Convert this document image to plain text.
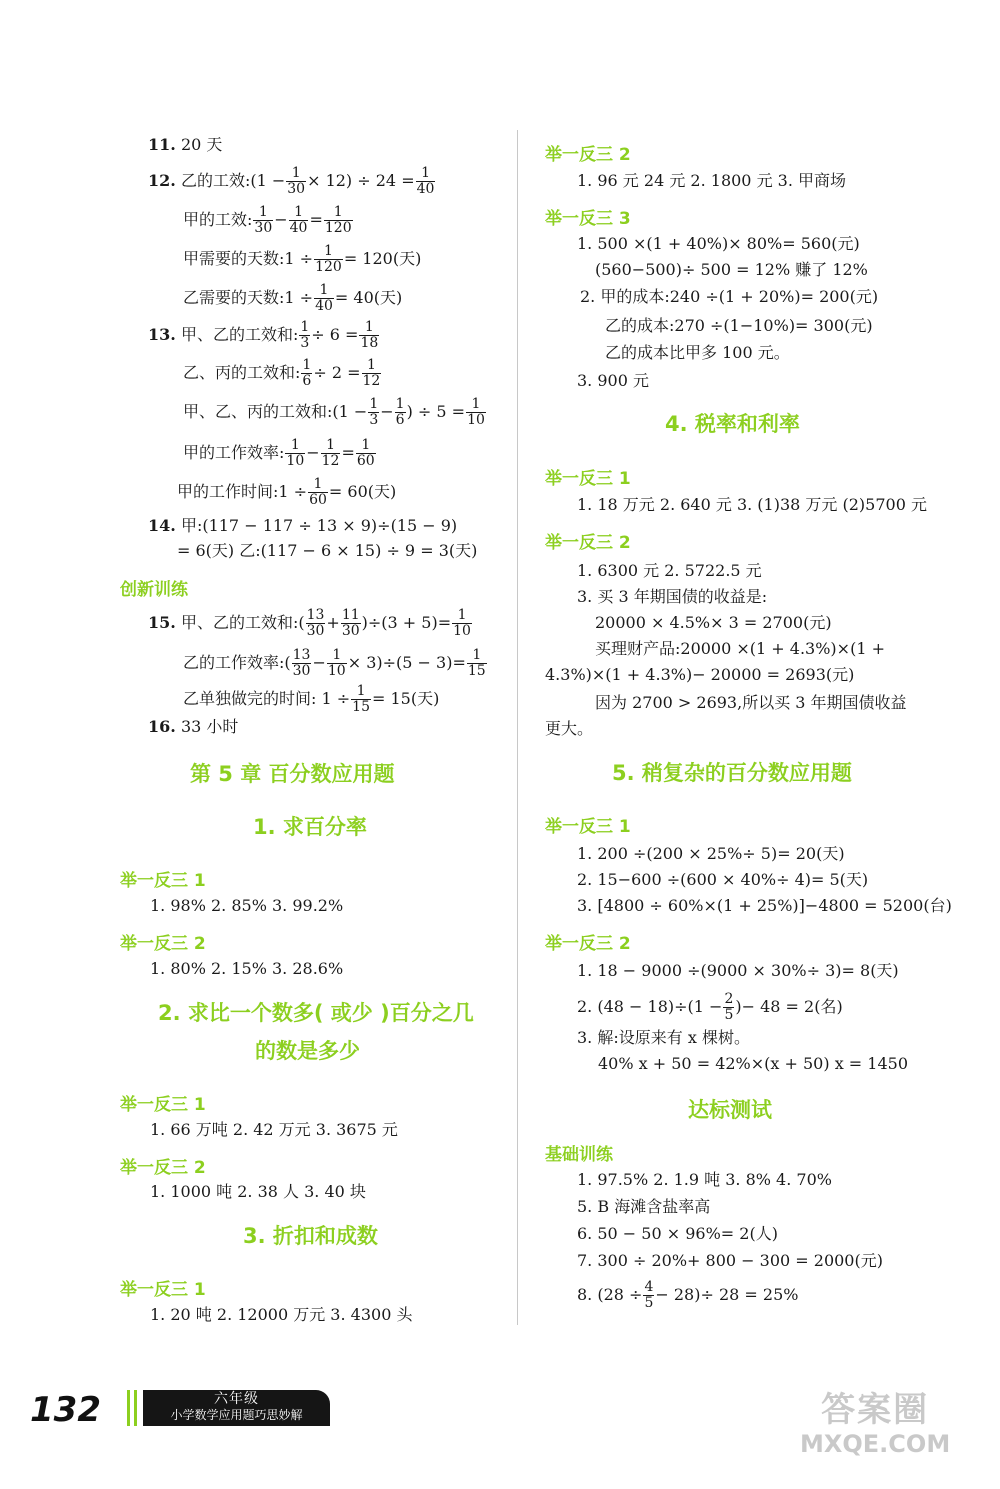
11. 20 天
12. 乙的工效:(1 − $\frac{1}{30} \times 12) \div 24 = \frac{1}{40}$
甲的工效: $\frac{1}{30} - \frac{1}{40} = \frac{1}{120}$
甲需要的天数:1 ÷ $\frac{1}{120} = 120$(天)
乙需要的天数:1 ÷ $\frac{1}{40} = 40$(天)
13. 甲、乙的工效和: $\frac{1}{3} \div 6 = \frac{1}{18}$
乙、丙的工效和: $\frac{1}{6} \div 2 = \frac{1}{12}$
甲、乙、丙的工效和:(1 − $\frac{1}{3} - \frac{1}{6}$ ) ÷ $5 = \frac{1}{10}$
甲的工作效率: $\frac{1}{10} - \frac{1}{12} = \frac{1}{60}$
甲的工作时间:1 ÷ $\frac{1}{60} = 60$(天)
14. 甲:(117 − 117 ÷ 13 × 9)÷(15 − 9)
= 6(天) 乙:(117 − 6 × 15) ÷ 9 = 3(天)
创新训练
15. 甲、乙的工效和:( $\frac{13}{30} + \frac{11}{30} )\div(3 + 5)= \frac{1}{10}$
乙的工作效率:( $\frac{13}{30} - \frac{1}{10} \times 3)\div(5 - 3)= \frac{1}{15}$
乙单独做完的时间: $1 \div \frac{1}{15} = 15$(天)
16. 33 小时
第 5 章 百分数应用题
1. 求百分率
举一反三 1
1. 98% 2. 85% 3. 99.2%
举一反三 2
1. 80% 2. 15% 3. 28.6%
2. 求比一个数多( 或少 )百分之几
的数是多少
举一反三 1
1. 66 万吨 2. 42 万元 3. 3675 元
举一反三 2
1. 1000 吨 2. 38 人 3. 40 块
3. 折扣和成数
举一反三 1
1. 20 吨 2. 12000 万元 3. 4300 头
举一反三 2
1. 96 元 24 元 2. 1800 元 3. 甲商场
举一反三 3
1. 500 ×(1 + 40%)× 80%= 560(元)
(560−500)÷ 500 = 12% 赚了 12%
2. 甲的成本:240 ÷(1 + 20%)= 200(元)
乙的成本:270 ÷(1−10%)= 300(元)
乙的成本比甲多 100 元。
3. 900 元
4. 税率和利率
举一反三 1
1. 18 万元 2. 640 元 3. (1)38 万元 (2)5700 元
举一反三 2
1. 6300 元 2. 5722.5 元
3. 买 3 年期国债的收益是:
20000 × 4.5%× 3 = 2700(元)
买理财产品:20000 ×(1 + 4.3%)×(1 +
4.3%)×(1 + 4.3%)− 20000 = 2693(元)
因为 2700 > 2693,所以买 3 年期国债收益
更大。
5. 稍复杂的百分数应用题
举一反三 1
1. 200 ÷(200 × 25%÷ 5)= 20(天)
2. 15−600 ÷(600 × 40%÷ 4)= 5(天)
3. [4800 ÷ 60%×(1 + 25%)]−4800 = 5200(台)
举一反三 2
1. 18 − 9000 ÷(9000 × 30%÷ 3)= 8(天)
2. $(48 - 18)\div(1 - \frac{2}{5}$ )− 48 = 2(名)
3. 解:设原来有 x 棵树。
40% x + 50 = 42%×(x + 50) x = 1450
达标测试
基础训练
1. 97.5% 2. 1.9 吨 3. 8% 4. 70%
5. B 海滩含盐率高
6. 50 − 50 × 96%= 2(人)
7. 300 ÷ 20%+ 800 − 300 = 2000(元)
8. $(28 \div \frac{4}{5} - 28)\div 28 = 25\%$
132	六年级
小学数学应用题巧思妙解	答案圈
MXQE.COM
